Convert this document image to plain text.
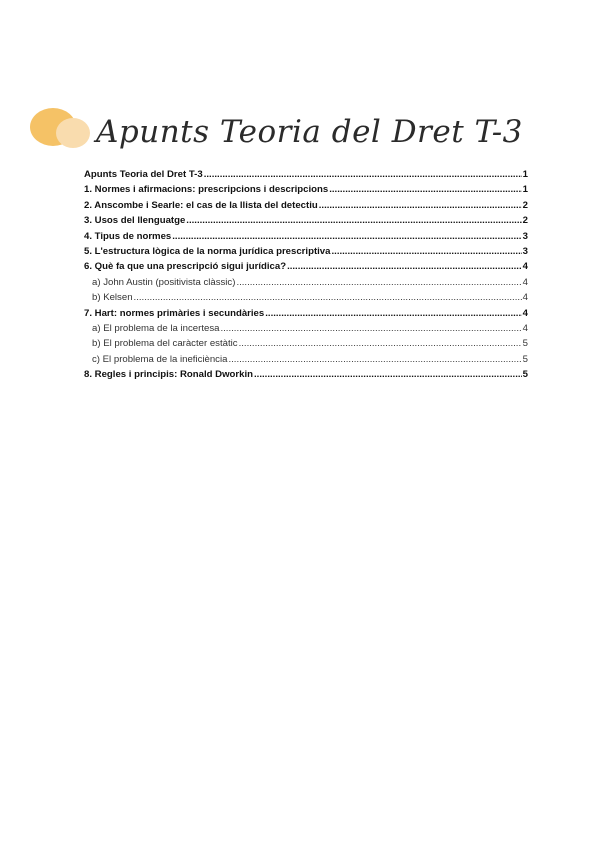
Apunts Teoria del Dret T-3
Apunts Teoria del Dret T-3 .....	1
1. Normes i afirmacions: prescripcions i descripcions .....	1
2. Anscombe i Searle: el cas de la llista del detectiu .....	2
3. Usos del llenguatge .....	2
4. Tipus de normes .....	3
5. L'estructura lògica de la norma jurídica prescriptiva .....	3
6. Què fa que una prescripció sigui jurídica? .....	4
a) John Austin (positivista clàssic) .....	4
b) Kelsen .....	4
7. Hart: normes primàries i secundàries .....	4
a) El problema de la incertesa .....	4
b) El problema del caràcter estàtic .....	5
c) El problema de la ineficiència .....	5
8. Regles i principis: Ronald Dworkin .....	5
